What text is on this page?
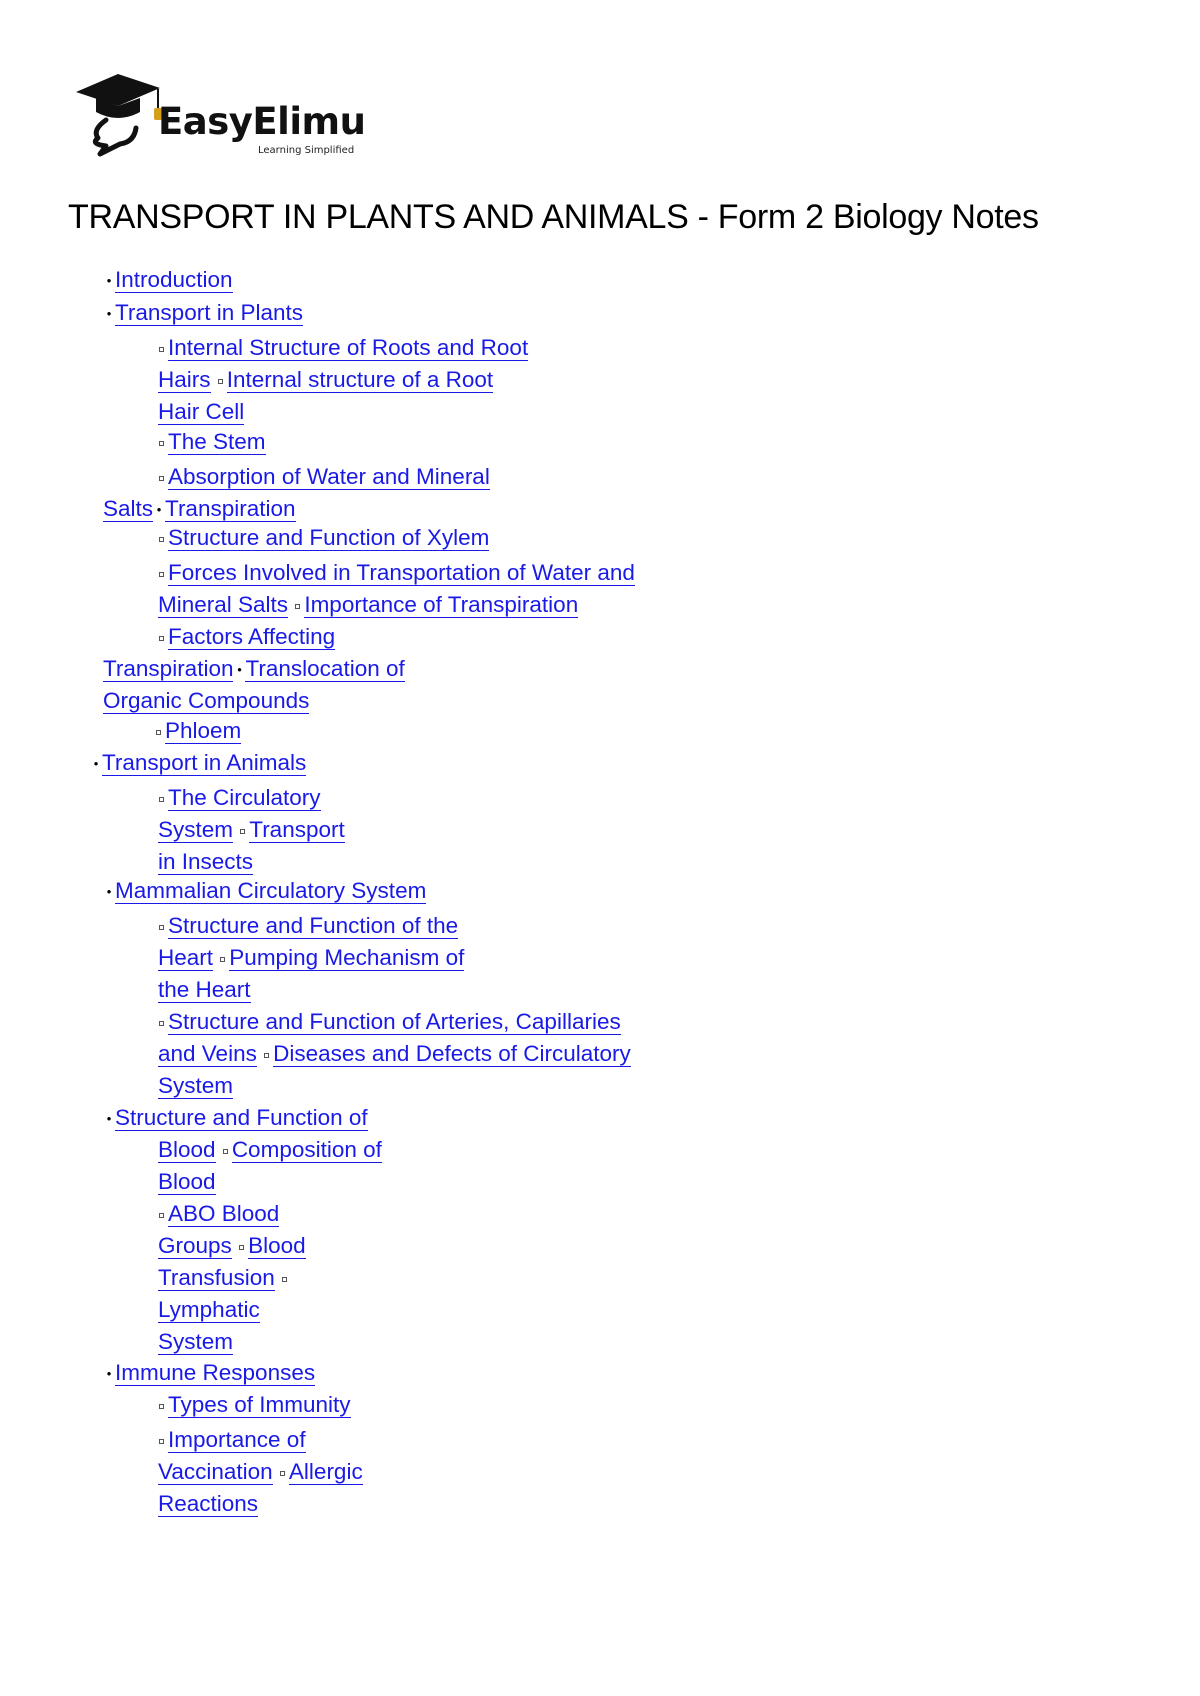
EasyElimu
Learning Simplified
TRANSPORT IN PLANTS AND ANIMALS - Form 2 Biology Notes
• Introduction
• Transport in Plants
Internal Structure of Roots and Root
Hairs Internal structure of a Root
Hair Cell
The Stem
Absorption of Water and Mineral
Salts • Transpiration
Structure and Function of Xylem
Forces Involved in Transportation of Water and
Mineral Salts Importance of Transpiration
Factors Affecting
Transpiration • Translocation of
Organic Compounds
Phloem
• Transport in Animals
The Circulatory
System Transport
in Insects
• Mammalian Circulatory System
Structure and Function of the
Heart Pumping Mechanism of
the Heart
Structure and Function of Arteries, Capillaries
and Veins Diseases and Defects of Circulatory
System
• Structure and Function of
Blood Composition of
Blood
ABO Blood
Groups Blood
Transfusion
Lymphatic
System
• Immune Responses
Types of Immunity
Importance of
Vaccination Allergic
Reactions
